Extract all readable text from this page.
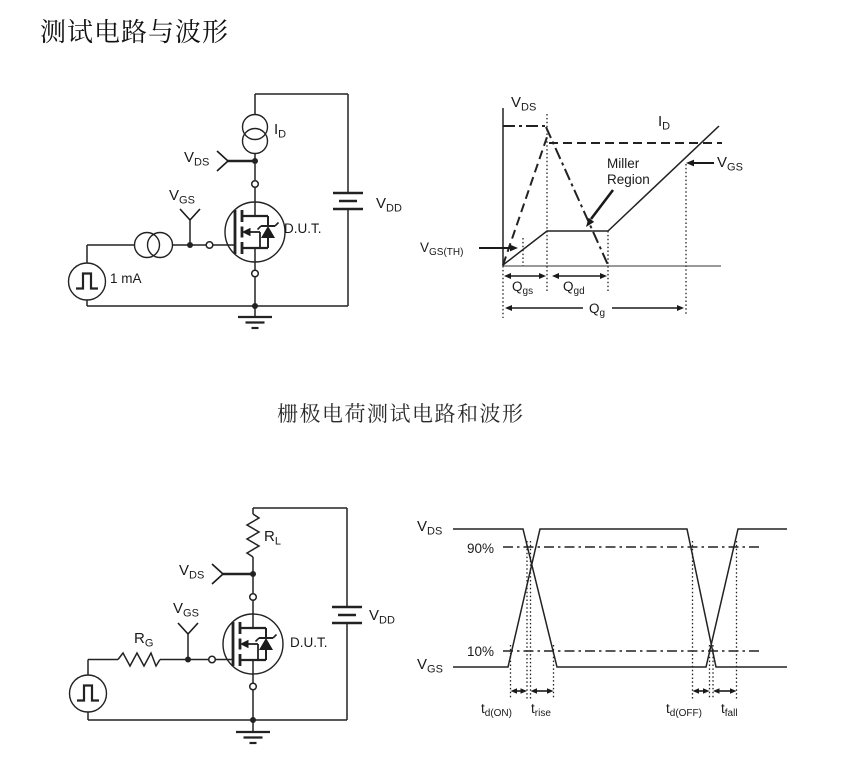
测试电路与波形
栅极电荷测试电路和波形
$I_D$
$V_{DS}$
D.U.T.
$V_{GS}$
1 mA
$V_{DD}$
$V_{DS}$
$I_D$
$V_{GS(TH)}$
$V_{GS}$
Miller
Region
$Q_{gs}$ $Q_{gd}$
$Q_g$
$R_L$
$V_{DS}$
D.U.T.
$V_{GS}$
$R_G$
$V_{DD}$
$V_{DS}$
$V_{GS}$
90%
10%
$t_{d(ON)}$ $t_{rise}$	$t_{d(OFF)}$ $t_{fall}$
